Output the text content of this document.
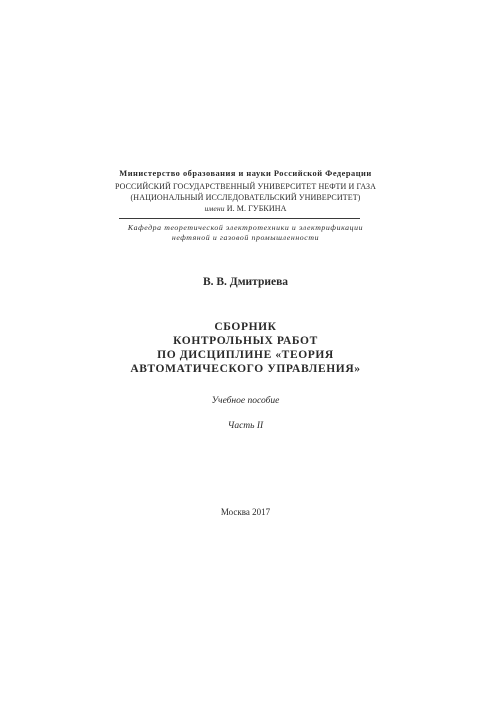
Министерство образования и науки Российской Федерации
РОССИЙСКИЙ ГОСУДАРСТВЕННЫЙ УНИВЕРСИТЕТ НЕФТИ И ГАЗА
(НАЦИОНАЛЬНЫЙ ИССЛЕДОВАТЕЛЬСКИЙ УНИВЕРСИТЕТ)
имени И. М. ГУБКИНА
Кафедра теоретической электротехники и электрификации
нефтяной и газовой промышленности
В. В. Дмитриева
СБОРНИК
КОНТРОЛЬНЫХ РАБОТ
ПО ДИСЦИПЛИНЕ «ТЕОРИЯ
АВТОМАТИЧЕСКОГО УПРАВЛЕНИЯ»
Учебное пособие
Часть II
Москва 2017
